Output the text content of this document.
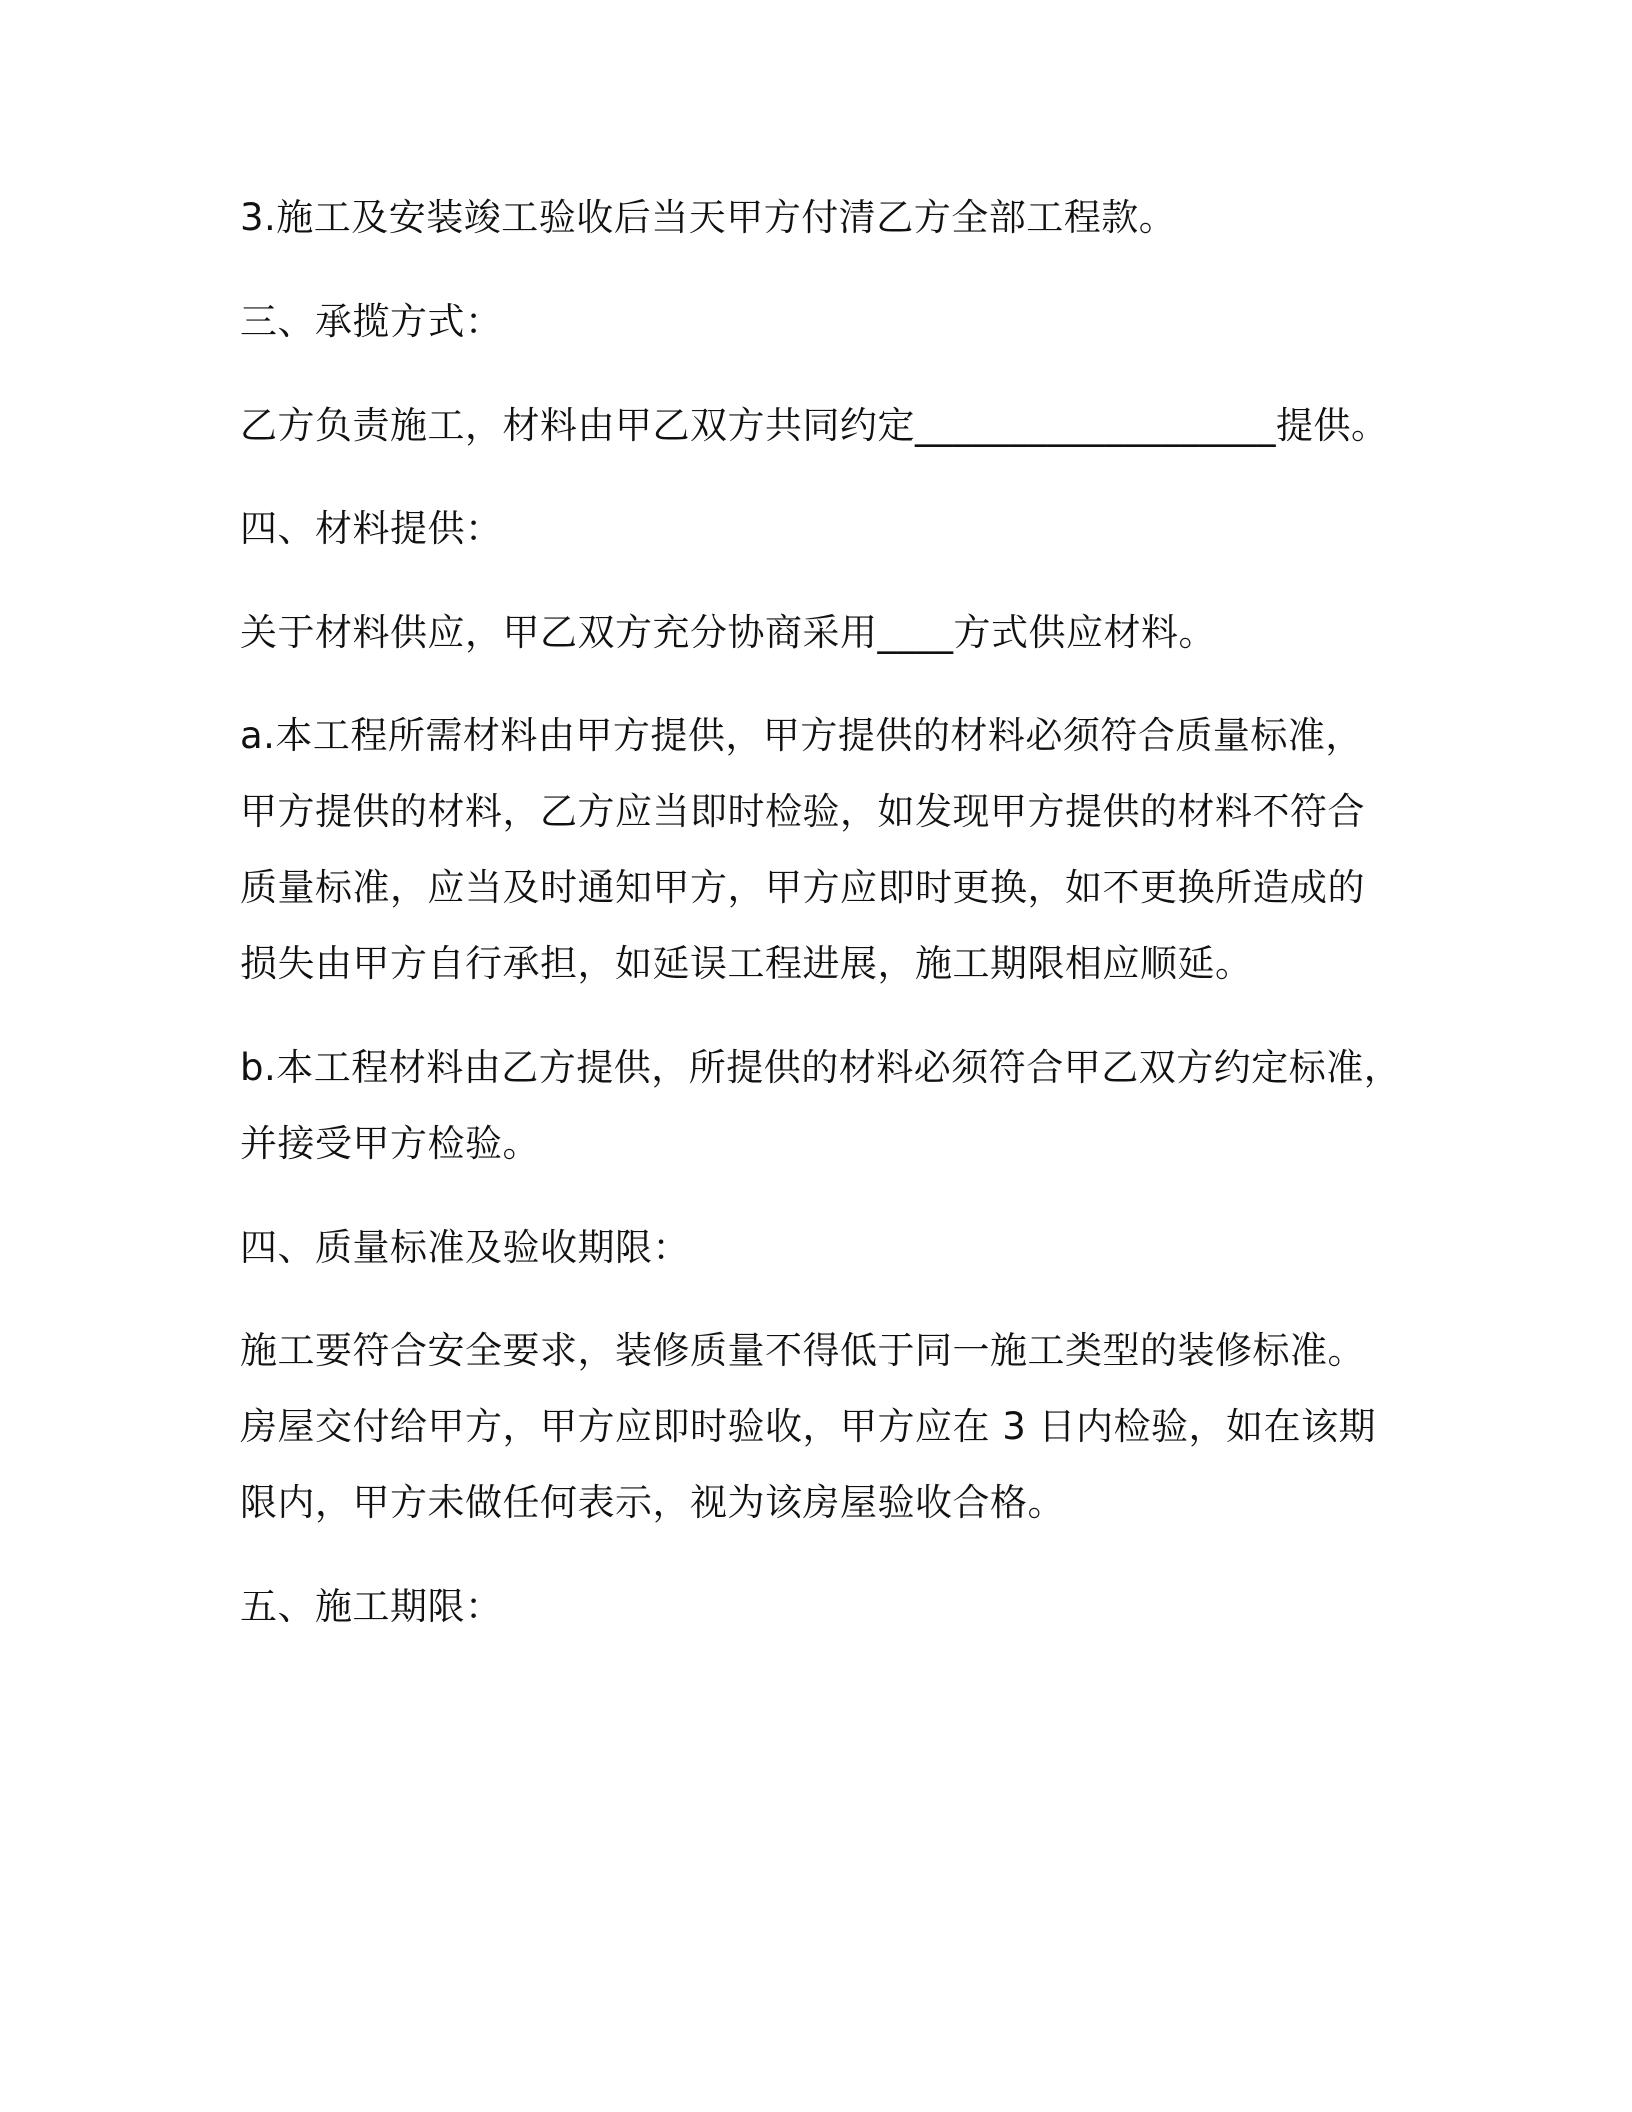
3.施工及安装竣工验收后当天甲方付清乙方全部工程款。
三、承揽方式：
乙方负责施工，材料由甲乙双方共同约定___________________提供。
四、材料提供：
关于材料供应，甲乙双方充分协商采用____方式供应材料。
a.本工程所需材料由甲方提供，甲方提供的材料必须符合质量标准，
甲方提供的材料，乙方应当即时检验，如发现甲方提供的材料不符合
质量标准，应当及时通知甲方，甲方应即时更换，如不更换所造成的
损失由甲方自行承担，如延误工程进展，施工期限相应顺延。
b.本工程材料由乙方提供，所提供的材料必须符合甲乙双方约定标准，
并接受甲方检验。
四、质量标准及验收期限：
施工要符合安全要求，装修质量不得低于同一施工类型的装修标准。
房屋交付给甲方，甲方应即时验收，甲方应在 3 日内检验，如在该期
限内，甲方未做任何表示，视为该房屋验收合格。
五、施工期限：
